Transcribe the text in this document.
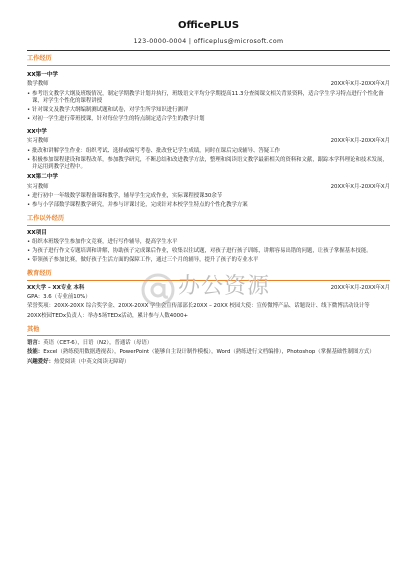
OfficePLUS
123-0000-0004 | officeplus@microsoft.com
工作经历
XX第一中学
数学教师	20XX年X月-20XX年X月
• 参考语文教学大纲及班级情况，制定学期教学计划并执行，班级语文平均分学期提高11.3分查阅课文相关背景资料，适合学生学习特点进行个性化备课，对学生个性化的课程讲授
• 针对课文及教学大纲编制测试题和试卷，对学生所学知识进行测评
• 对初一学生进行带班授课，针对每位学生的特点制定适合学生的教学计划
XX中学
实习教师	20XX年X月-20XX年X月
• 批改和讲解学生作业：组织考试、选择或编写考卷、批改登记学生成绩，同时在课后完成辅导、答疑工作
• 积极参加课程建设和课程改革，参加教学研究，不断总结和改进教学方法，整理和阅读语文教学最新相关的资料和文献，跟踪本学科理论和技术发展，并运用到教学过程中。
XX第二中学
实习教师	20XX年X月-20XX年X月
• 进行初中一年级数学课程备课和教学，辅导学生完成作业，实际课程授课30余节
• 参与小学部数学课程教学研究，并参与评课讨论，完成针对本校学生特点的个性化教学方案
工作以外经历
XX项目
• 组织本班级学生参加作文竞赛，进行写作辅导，提高学生水平
• 为孩子进行作文专题培训和讲解，协助孩子完成课后作业，收集以往试题，对孩子进行孩子训练，讲解容易出错的问题，让孩子掌握基本技能。
• 带领孩子参加比赛，做好孩子生活方面的保障工作，通过三个月的辅导，提升了孩子的专业水平
教育经历
XX大学 – XX专业 本科	20XX年X月-20XX年X月

GPA：3.6（专业前10%）

荣誉奖项：20XX-20XX 综合奖学金、20XX-20XX 学生会宣传部部长20XX – 20XX 校园大使：宣传微博产品、话题设计、线下微博活动设计等

20XX校园TEDx负责人：举办5场TEDx活动，累计参与人数4000+

其他

语言：英语（CET-6），日语（N2），普通话（母语）

技能：Excel（熟练使用数据透视表），PowerPoint（能够自主设计制作模板），Word（熟练进行文档编排），Photoshop（掌握基础性制图方式）

兴趣爱好：热爱阅读（中英文阅读无障碍）

办公资源
